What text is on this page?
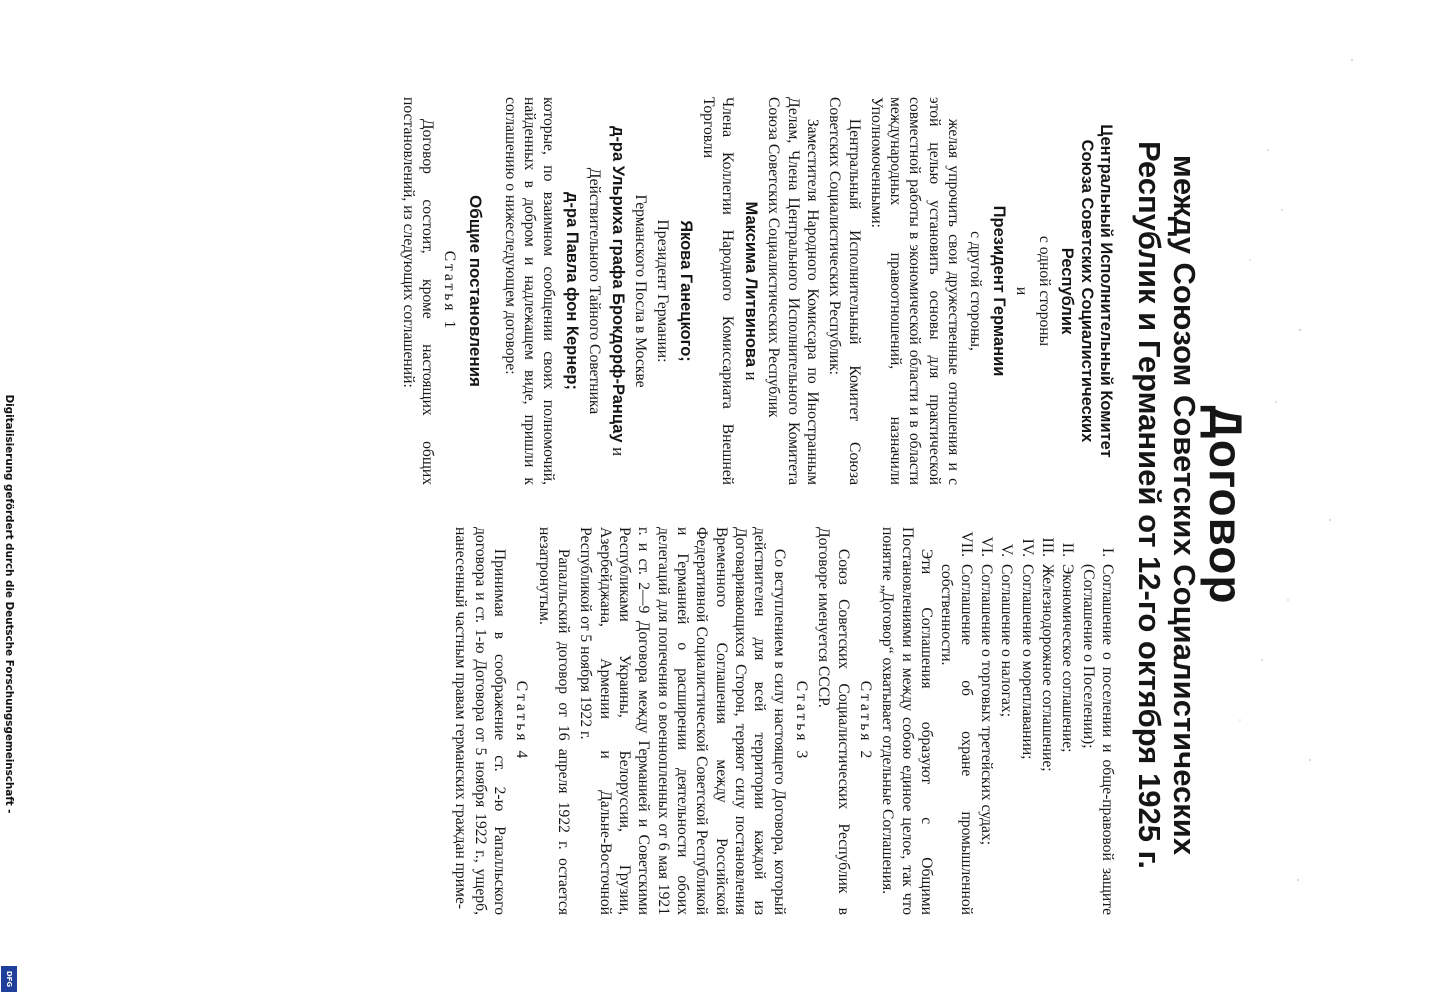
Digitalisierung gefördert durch die Deutsche Forschungsgemeinschaft -
DFG
Договор
между Союзом Советских Социалистических
Республик и Германией от 12-го октября 1925 г.
Центральный Исполнительный Комитет Союза Советских Социалистических Республик

с одной стороны

и

Президент Германии

с другой стороны,

желая упрочить свои дружественные отношения и с этой целью установить основы для практической совместной работы в экономической области и в области международных правоотношений, назначили Уполномоченными:

Центральный Исполнительный Комитет Союза Советских Социалистических Республик:

Заместителя Народного Комиссара по Иностранным Делам, Члена Центрального Исполнительного Комитета Союза Советских Социалистических Республик

Максима Литвинова и

Члена Коллегии Народного Комиссариата Внешней Торговли

Якова Ганецкого;

Президент Германии:

Германского Посла в Москве

д-ра Ульриха графа Брокдорф-Ранцау и

Действительного Тайного Советника

д-ра Павла фон Кернер;

которые, по взаимном сообщении своих полномочий, найденных в добром и надлежащем виде, пришли к соглашению о нижеследующем договоре:

Общие постановления

Статья 1

Договор состоит, кроме настоящих общих постановлений, из следующих соглашений:

I.
Соглашение о поселении и обще-правовой защите (Соглашение о Поселении);
II.
Экономическое соглашение;
III.
Железнодорожное соглашение;
IV.
Соглашение о мореплавании;
V.
Соглашение о налогах;
VI.
Соглашение о торговых третейских судах;
VII.
Соглашение об охране промышленной собственности.

Эти Соглашения образуют с Общими Постановлениями и между собою единое целое, так что понятие „Договор“ охватывает отдельные Соглашения.

Статья 2

Союз Советских Социалистических Республик в Договоре именуется СССР.

Статья 3

Со вступлением в силу настоящего Договора, который действителен для всей территории каждой из Договаривающихся Сторон, теряют силу постановления Временного Соглашения между Российской Федеративной Социалистической Советской Республикой и Германией о расширении деятельности обоих делегаций для попечения о военнопленных от 6 мая 1921 г. и ст. 2—9 Договора между Германией и Советскими Республиками Украины, Белоруссии, Грузии, Азербейджана, Армении и Дальне-Восточной Республикой от 5 ноября 1922 г.

Рапалльский договор от 16 апреля 1922 г. остается незатронутым.

Статья 4

Принимая в соображение ст. 2-ю Рапалльского договора и ст. 1-ю Договора от 5 ноября 1922 г., ущерб, нанесенный частным правам германских граждан приме-
